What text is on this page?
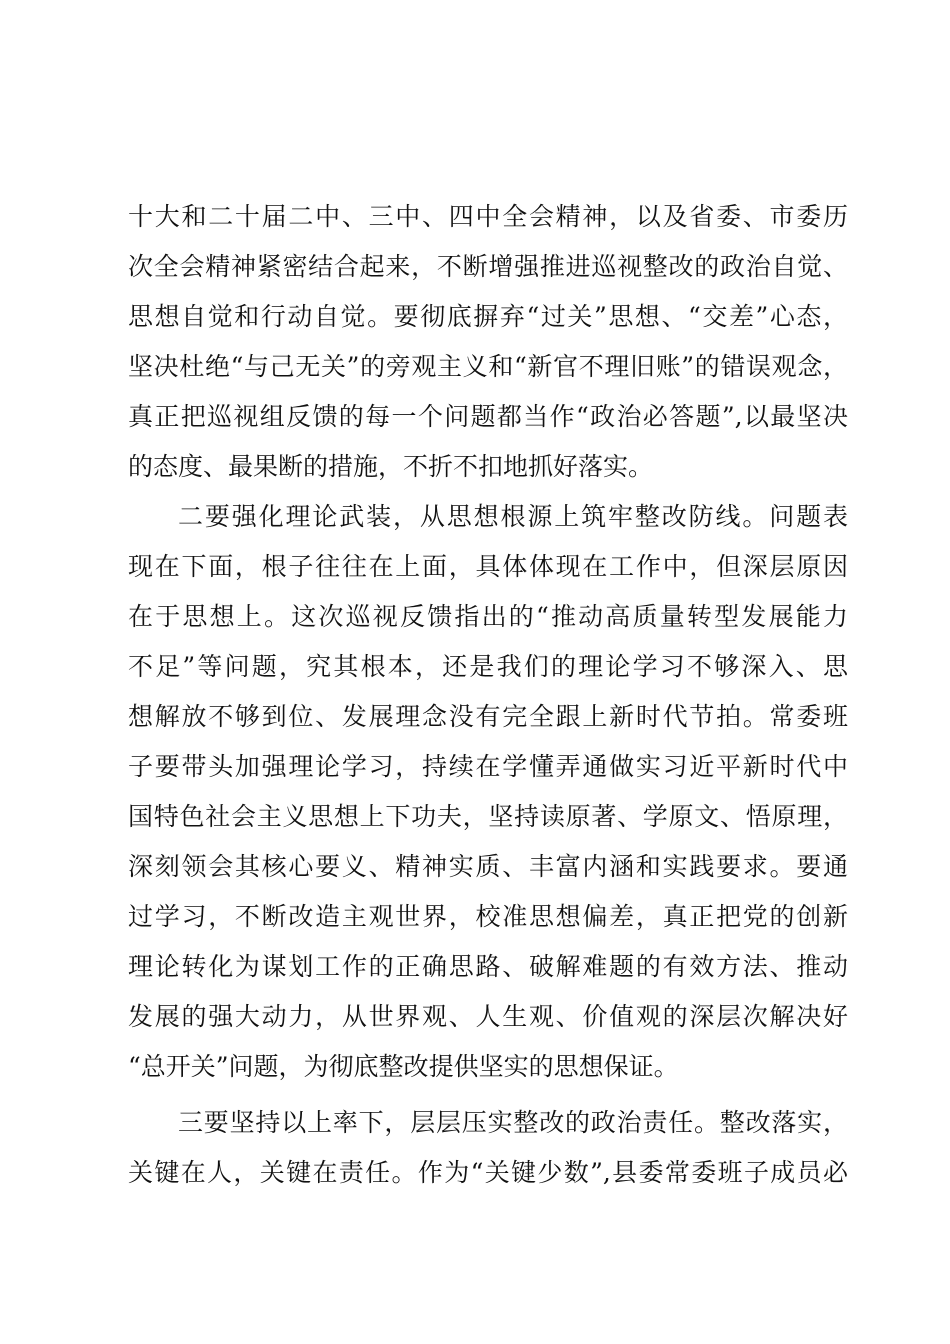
十大和二十届二中、三中、四中全会精神，以及省委、市委历
次全会精神紧密结合起来，不断增强推进巡视整改的政治自觉、
思想自觉和行动自觉。要彻底摒弃“过关”思想、“交差”心态，
坚决杜绝“与己无关”的旁观主义和“新官不理旧账”的错误观念，
真正把巡视组反馈的每一个问题都当作“政治必答题”,以最坚决
的态度、最果断的措施，不折不扣地抓好落实。
二要强化理论武装，从思想根源上筑牢整改防线。问题表
现在下面，根子往往在上面，具体体现在工作中，但深层原因
在于思想上。这次巡视反馈指出的“推动高质量转型发展能力
不足”等问题，究其根本，还是我们的理论学习不够深入、思
想解放不够到位、发展理念没有完全跟上新时代节拍。常委班
子要带头加强理论学习，持续在学懂弄通做实习近平新时代中
国特色社会主义思想上下功夫，坚持读原著、学原文、悟原理，
深刻领会其核心要义、精神实质、丰富内涵和实践要求。要通
过学习，不断改造主观世界，校准思想偏差，真正把党的创新
理论转化为谋划工作的正确思路、破解难题的有效方法、推动
发展的强大动力，从世界观、人生观、价值观的深层次解决好
“总开关”问题，为彻底整改提供坚实的思想保证。
三要坚持以上率下，层层压实整改的政治责任。整改落实，
关键在人，关键在责任。作为“关键少数”,县委常委班子成员必
